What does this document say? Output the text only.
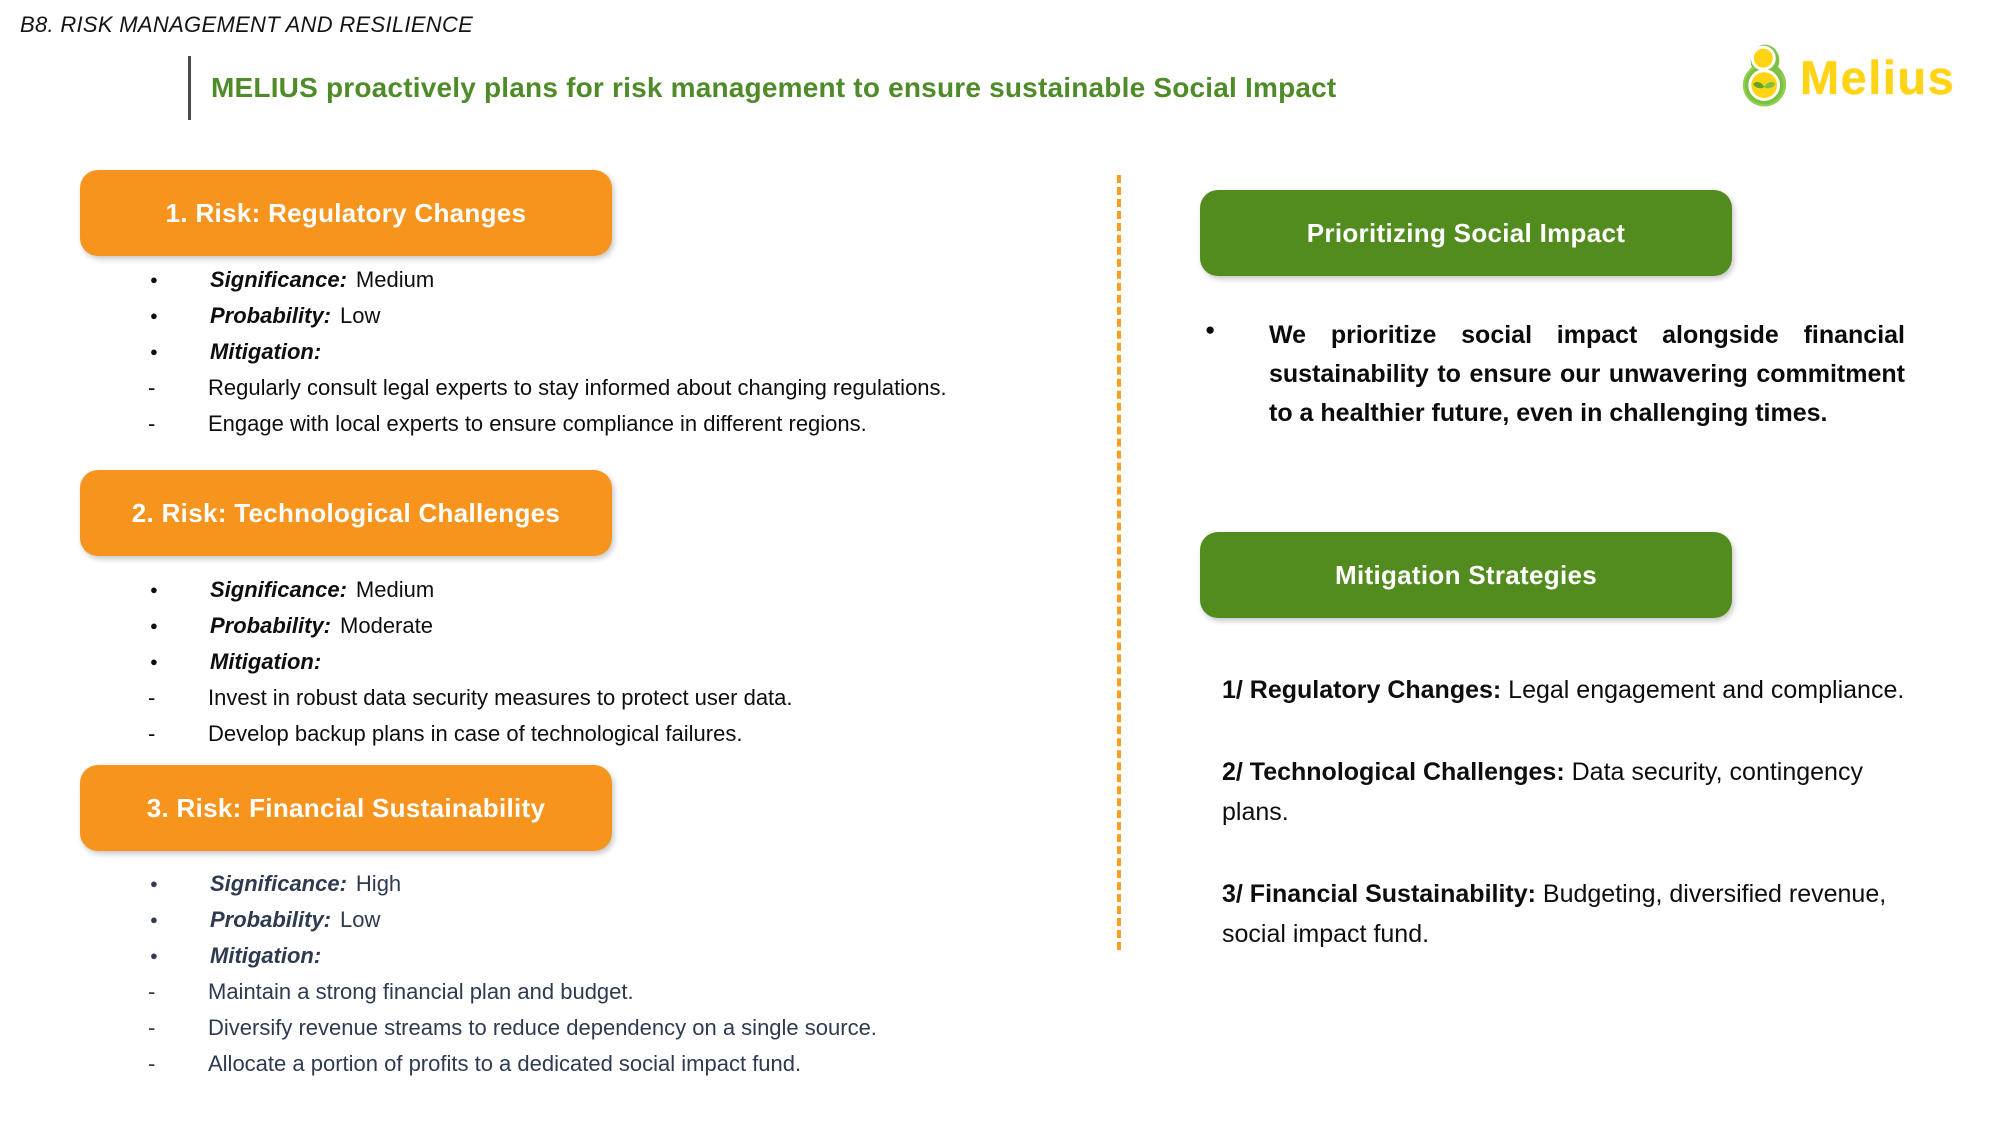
B8. RISK MANAGEMENT AND RESILIENCE
MELIUS proactively plans for risk management to ensure sustainable Social Impact	Melius
1. Risk: Regulatory Changes
●	Significance: Medium
●	Probability: Low
●	Mitigation:
-	Regularly consult legal experts to stay informed about changing regulations.
-	Engage with local experts to ensure compliance in different regions.
2. Risk: Technological Challenges
●	Significance: Medium
●	Probability: Moderate
●	Mitigation:
-	Invest in robust data security measures to protect user data.
-	Develop backup plans in case of technological failures.
3. Risk: Financial Sustainability
●	Significance: High
●	Probability: Low
●	Mitigation:
-	Maintain a strong financial plan and budget.
-	Diversify revenue streams to reduce dependency on a single source.
-	Allocate a portion of profits to a dedicated social impact fund.
Prioritizing Social Impact
●	We prioritize social impact alongside financial sustainability to ensure our unwavering commitment to a healthier future, even in challenging times.
Mitigation Strategies

1/ Regulatory Changes: Legal engagement and compliance.

2/ Technological Challenges: Data security, contingency plans.

3/ Financial Sustainability: Budgeting, diversified revenue, social impact fund.
